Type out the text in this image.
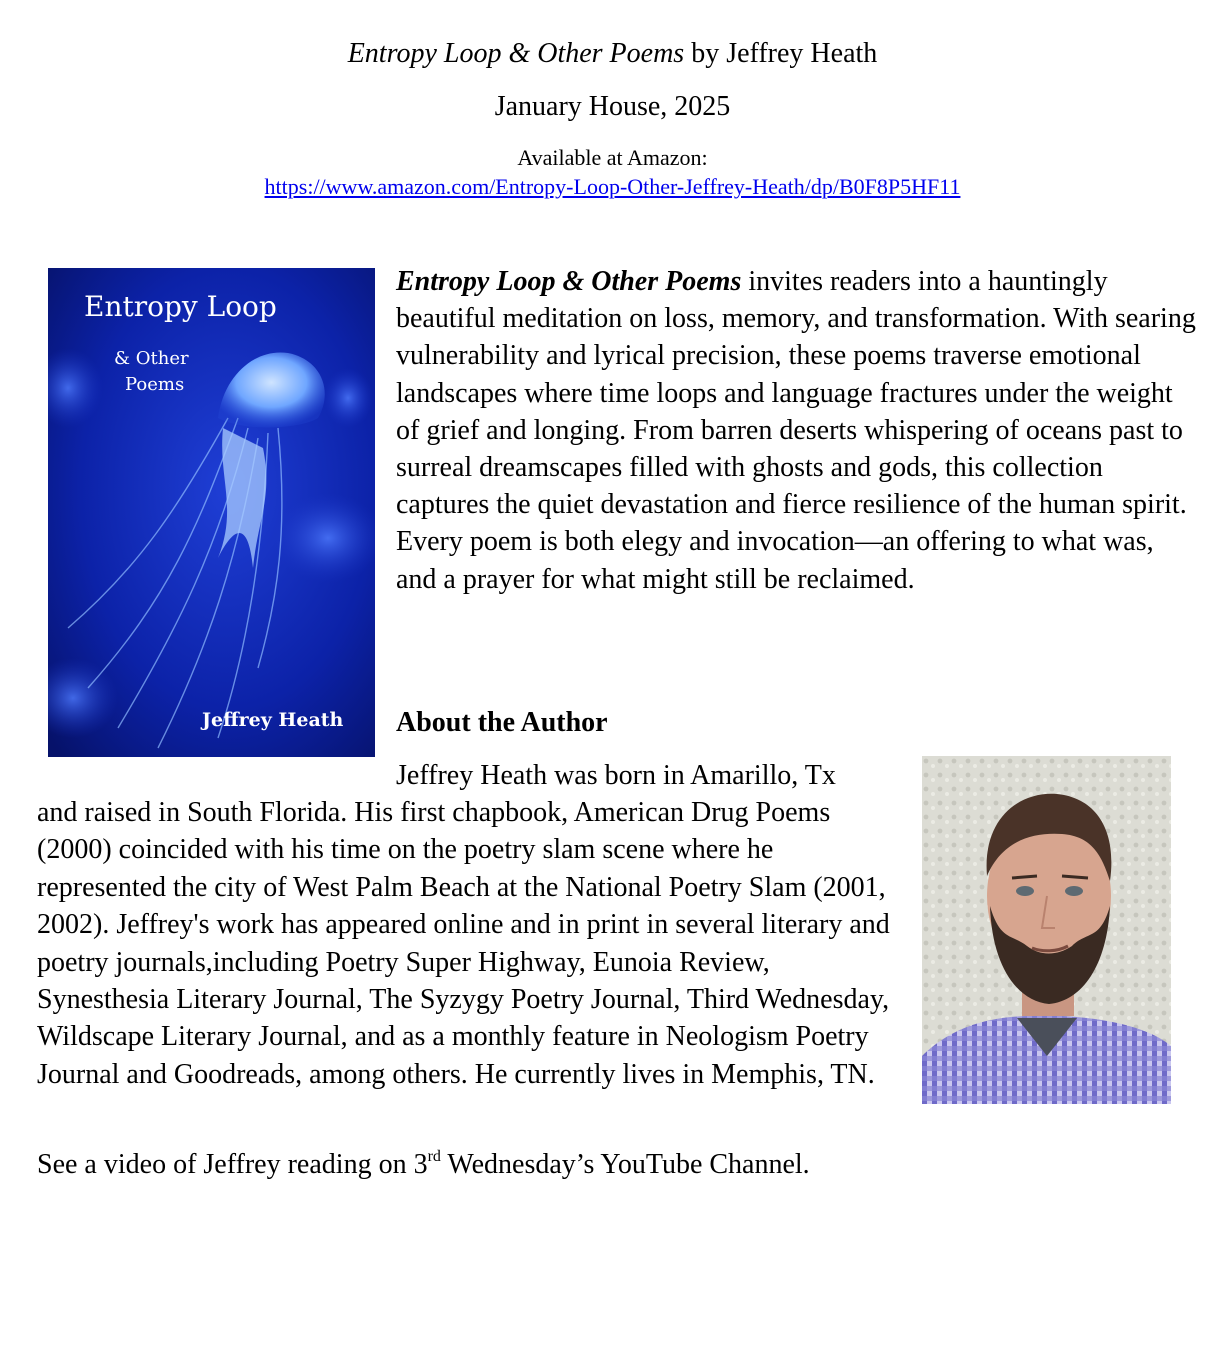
Entropy Loop & Other Poems by Jeffrey Heath
January House, 2025
Available at Amazon:
https://www.amazon.com/Entropy-Loop-Other-Jeffrey-Heath/dp/B0F8P5HF11
Entropy Loop
& Other
Poems
Jeffrey Heath

Entropy Loop & Other Poems invites readers into a hauntingly beautiful meditation on loss, memory, and transformation. With searing vulnerability and lyrical precision, these poems traverse emotional landscapes where time loops and language fractures under the weight of grief and longing. From barren deserts whispering of oceans past to surreal dreamscapes filled with ghosts and gods, this collection captures the quiet devastation and fierce resilience of the human spirit. Every poem is both elegy and invocation—an offering to what was, and a prayer for what might still be reclaimed.

About the Author

Jeffrey Heath was born in Amarillo, Tx

and raised in South Florida. His first chapbook, American Drug Poems (2000) coincided with his time on the poetry slam scene where he represented the city of West Palm Beach at the National Poetry Slam (2001, 2002). Jeffrey's work has appeared online and in print in several literary and poetry journals,including Poetry Super Highway, Eunoia Review, Synesthesia Literary Journal, The Syzygy Poetry Journal, Third Wednesday, Wildscape Literary Journal, and as a monthly feature in Neologism Poetry Journal and Goodreads, among others. He currently lives in Memphis, TN.

See a video of Jeffrey reading on 3rd Wednesday’s YouTube Channel.
